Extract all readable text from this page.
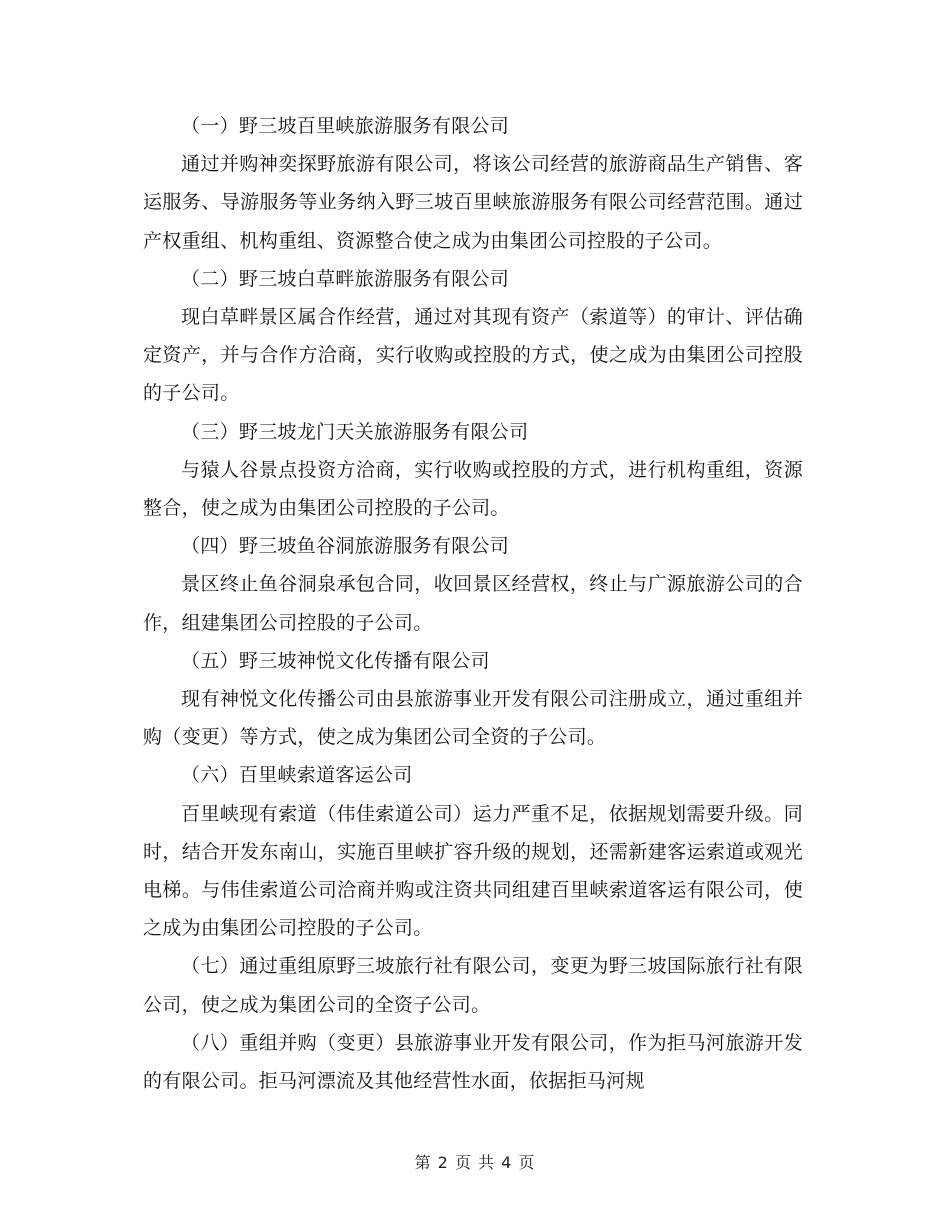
（一）野三坡百里峡旅游服务有限公司

通过并购神奕探野旅游有限公司，将该公司经营的旅游商品生产销售、客运服务、导游服务等业务纳入野三坡百里峡旅游服务有限公司经营范围。通过产权重组、机构重组、资源整合使之成为由集团公司控股的子公司。

（二）野三坡白草畔旅游服务有限公司

现白草畔景区属合作经营，通过对其现有资产（索道等）的审计、评估确定资产，并与合作方洽商，实行收购或控股的方式，使之成为由集团公司控股的子公司。

（三）野三坡龙门天关旅游服务有限公司

与猿人谷景点投资方洽商，实行收购或控股的方式，进行机构重组，资源整合，使之成为由集团公司控股的子公司。

（四）野三坡鱼谷洞旅游服务有限公司

景区终止鱼谷洞泉承包合同，收回景区经营权，终止与广源旅游公司的合作，组建集团公司控股的子公司。

（五）野三坡神悦文化传播有限公司

现有神悦文化传播公司由县旅游事业开发有限公司注册成立，通过重组并购（变更）等方式，使之成为集团公司全资的子公司。

（六）百里峡索道客运公司

百里峡现有索道（伟佳索道公司）运力严重不足，依据规划需要升级。同时，结合开发东南山，实施百里峡扩容升级的规划，还需新建客运索道或观光电梯。与伟佳索道公司洽商并购或注资共同组建百里峡索道客运有限公司，使之成为由集团公司控股的子公司。

（七）通过重组原野三坡旅行社有限公司，变更为野三坡国际旅行社有限公司，使之成为集团公司的全资子公司。

（八）重组并购（变更）县旅游事业开发有限公司，作为拒马河旅游开发的有限公司。拒马河漂流及其他经营性水面，依据拒马河规

第 2 页 共 4 页
